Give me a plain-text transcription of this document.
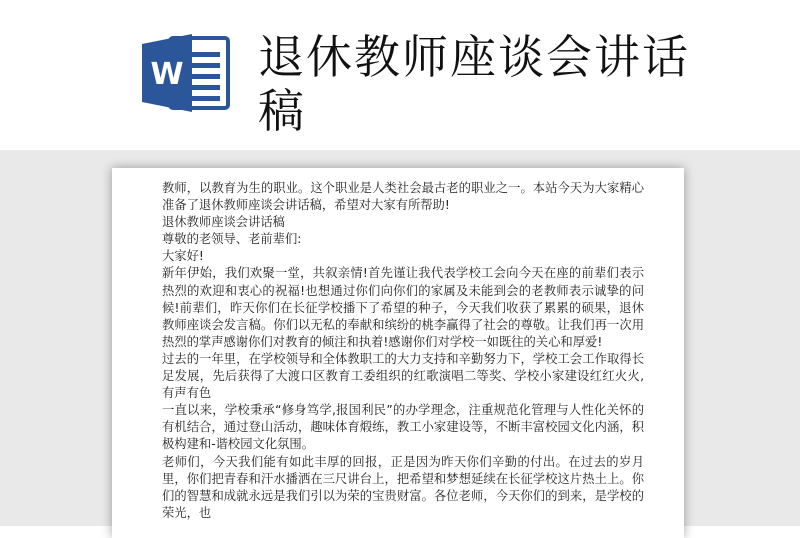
W 退休教师座谈会讲话稿

教师，以教育为生的职业。这个职业是人类社会最古老的职业之一。本站今天为大家精心准备了退休教师座谈会讲话稿，希望对大家有所帮助!

退休教师座谈会讲话稿

尊敬的老领导、老前辈们:

大家好!

新年伊始，我们欢聚一堂，共叙亲情!首先谨让我代表学校工会向今天在座的前辈们表示热烈的欢迎和衷心的祝福!也想通过你们向你们的家属及未能到会的老教师表示诚挚的问候!前辈们，昨天你们在长征学校播下了希望的种子，今天我们收获了累累的硕果，退休教师座谈会发言稿。你们以无私的奉献和缤纷的桃李赢得了社会的尊敬。让我们再一次用热烈的掌声感谢你们对教育的倾注和执着!感谢你们对学校一如既往的关心和厚爱!

过去的一年里，在学校领导和全体教职工的大力支持和辛勤努力下，学校工会工作取得长足发展，先后获得了大渡口区教育工委组织的红歌演唱二等奖、学校小家建设红红火火,有声有色

一直以来，学校秉承“修身笃学,报国利民”的办学理念，注重规范化管理与人性化关怀的有机结合，通过登山活动，趣味体育煅练，教工小家建设等，不断丰富校园文化内涵，积极构建和-谐校园文化氛围。

老师们，今天我们能有如此丰厚的回报，正是因为昨天你们辛勤的付出。在过去的岁月里，你们把青春和汗水播洒在三尺讲台上，把希望和梦想延续在长征学校这片热土上。你们的智慧和成就永远是我们引以为荣的宝贵财富。各位老师，今天你们的到来，是学校的荣光，也
